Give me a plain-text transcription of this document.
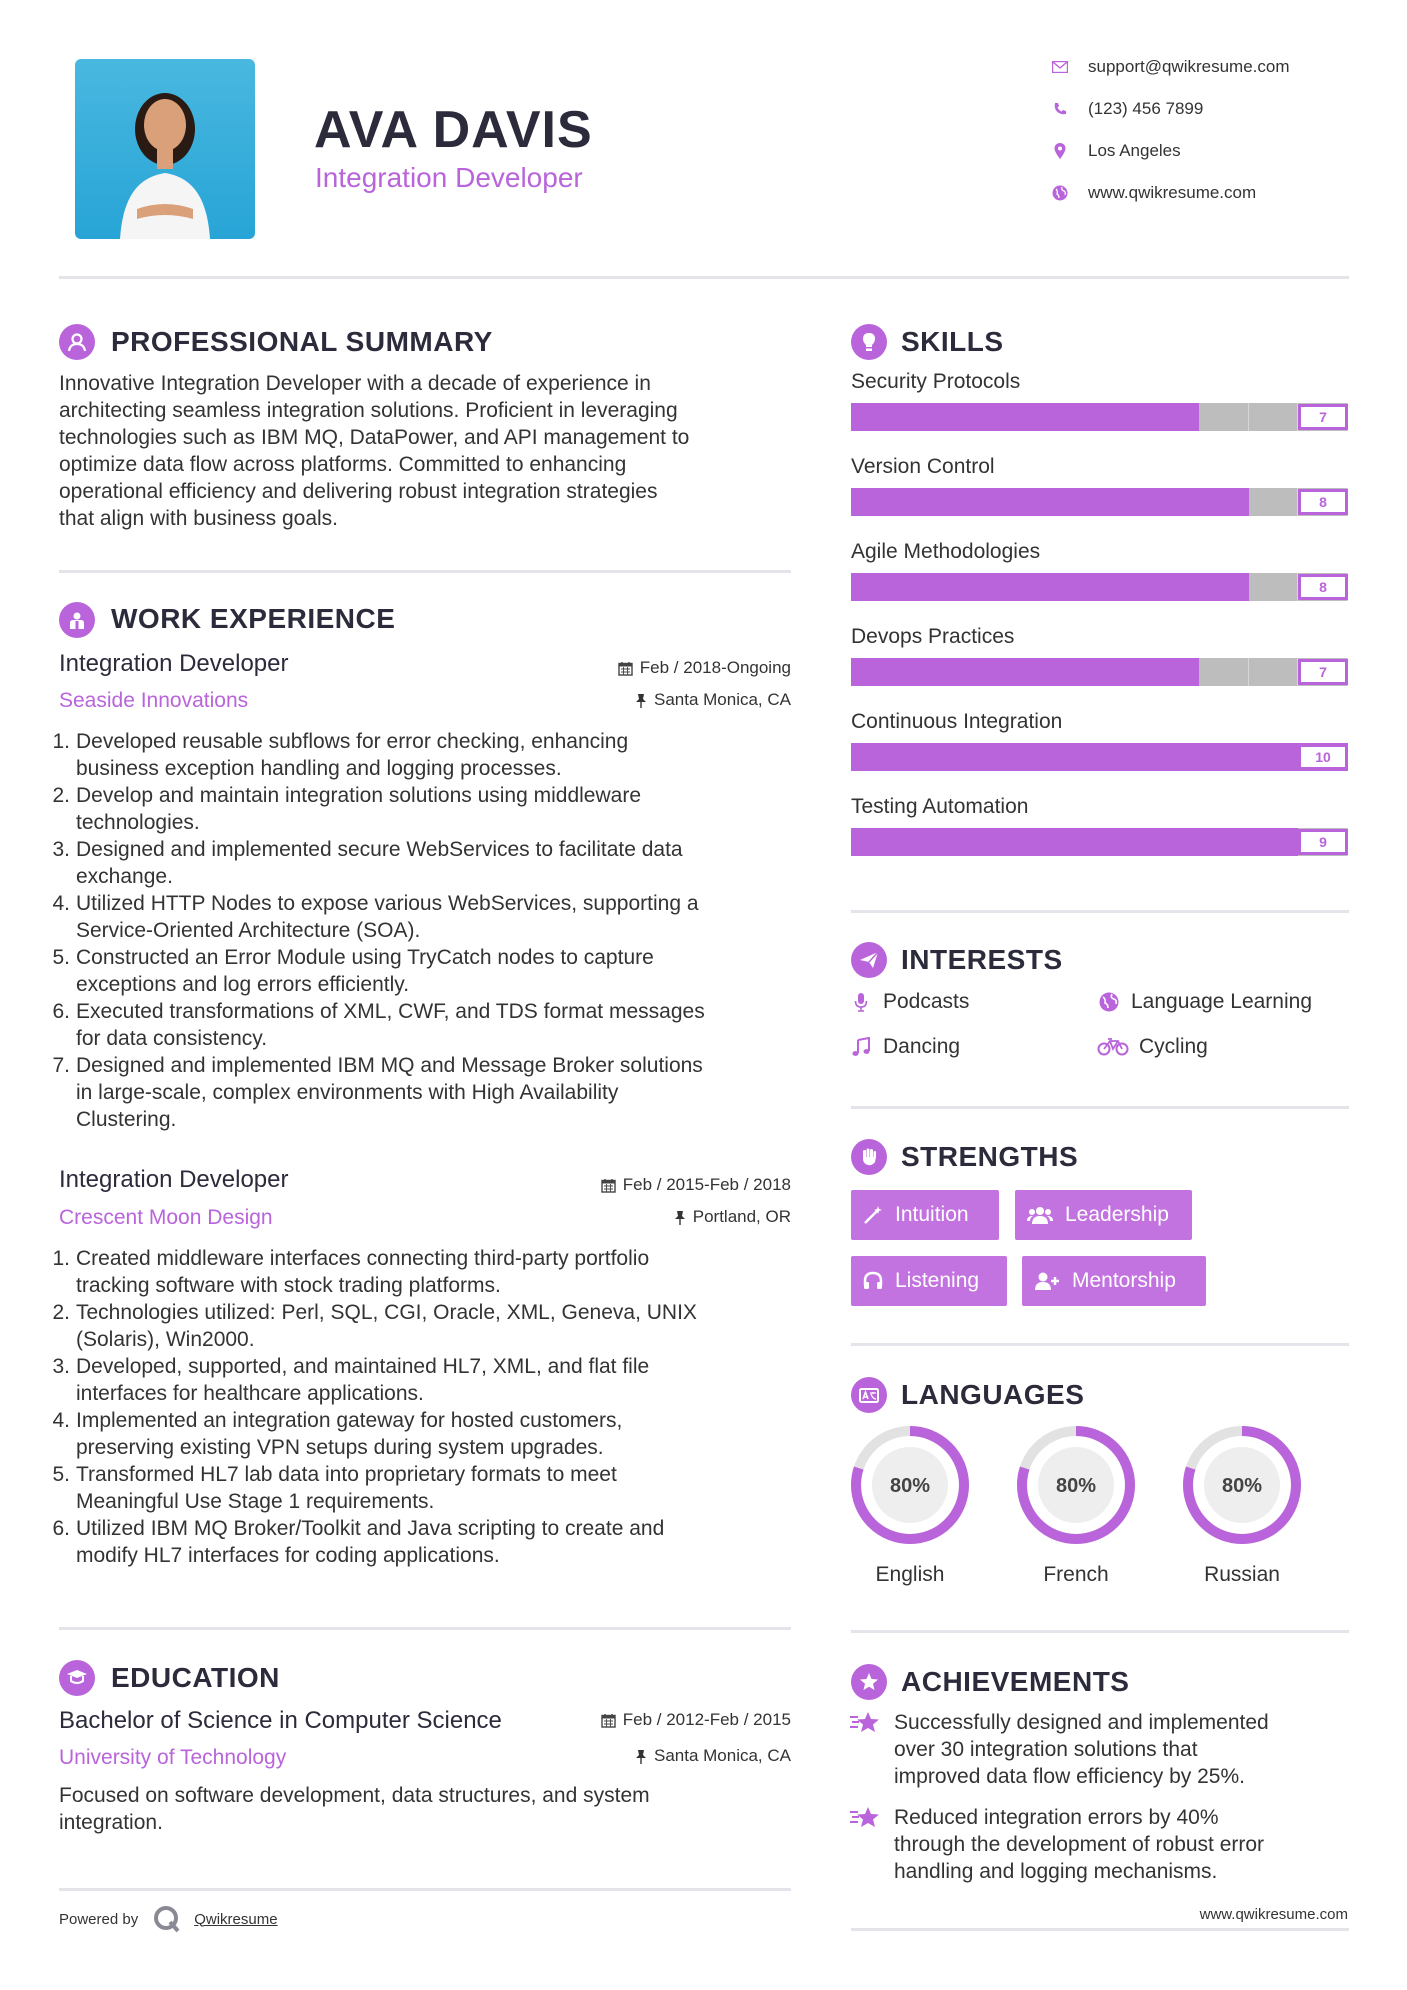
AVA DAVIS
Integration Developer
support@qwikresume.com
(123) 456 7899
Los Angeles
www.qwikresume.com
PROFESSIONAL SUMMARY
Innovative Integration Developer with a decade of experience in
architecting seamless integration solutions. Proficient in leveraging
technologies such as IBM MQ, DataPower, and API management to
optimize data flow across platforms. Committed to enhancing
operational efficiency and delivering robust integration strategies
that align with business goals.
WORK EXPERIENCE
Integration Developer
Seaside Innovations
Feb / 2018-Ongoing
Santa Monica, CA
1. Developed reusable subflows for error checking, enhancing
business exception handling and logging processes.
2. Develop and maintain integration solutions using middleware
technologies.
3. Designed and implemented secure WebServices to facilitate data
exchange.
4. Utilized HTTP Nodes to expose various WebServices, supporting a
Service-Oriented Architecture (SOA).
5. Constructed an Error Module using TryCatch nodes to capture
exceptions and log errors efficiently.
6. Executed transformations of XML, CWF, and TDS format messages
for data consistency.
7. Designed and implemented IBM MQ and Message Broker solutions
in large-scale, complex environments with High Availability
Clustering.
Integration Developer
Crescent Moon Design
Feb / 2015-Feb / 2018
Portland, OR
1. Created middleware interfaces connecting third-party portfolio
tracking software with stock trading platforms.
2. Technologies utilized: Perl, SQL, CGI, Oracle, XML, Geneva, UNIX
(Solaris), Win2000.
3. Developed, supported, and maintained HL7, XML, and flat file
interfaces for healthcare applications.
4. Implemented an integration gateway for hosted customers,
preserving existing VPN setups during system upgrades.
5. Transformed HL7 lab data into proprietary formats to meet
Meaningful Use Stage 1 requirements.
6. Utilized IBM MQ Broker/Toolkit and Java scripting to create and
modify HL7 interfaces for coding applications.
EDUCATION
Bachelor of Science in Computer Science
University of Technology
Feb / 2012-Feb / 2015
Santa Monica, CA
Focused on software development, data structures, and system
integration.
Powered by	Qwikresume
SKILLS
Security Protocols
7
Version Control
8
Agile Methodologies
8
Devops Practices
7
Continuous Integration
10
Testing Automation
9
INTERESTS
Podcasts	Language Learning
Dancing	Cycling
STRENGTHS
Intuition	Leadership
Listening	Mentorship
LANGUAGES
80%
English
80%
French
80%
Russian
ACHIEVEMENTS
Successfully designed and implemented
over 30 integration solutions that
improved data flow efficiency by 25%.
Reduced integration errors by 40%
through the development of robust error
handling and logging mechanisms.
www.qwikresume.com
